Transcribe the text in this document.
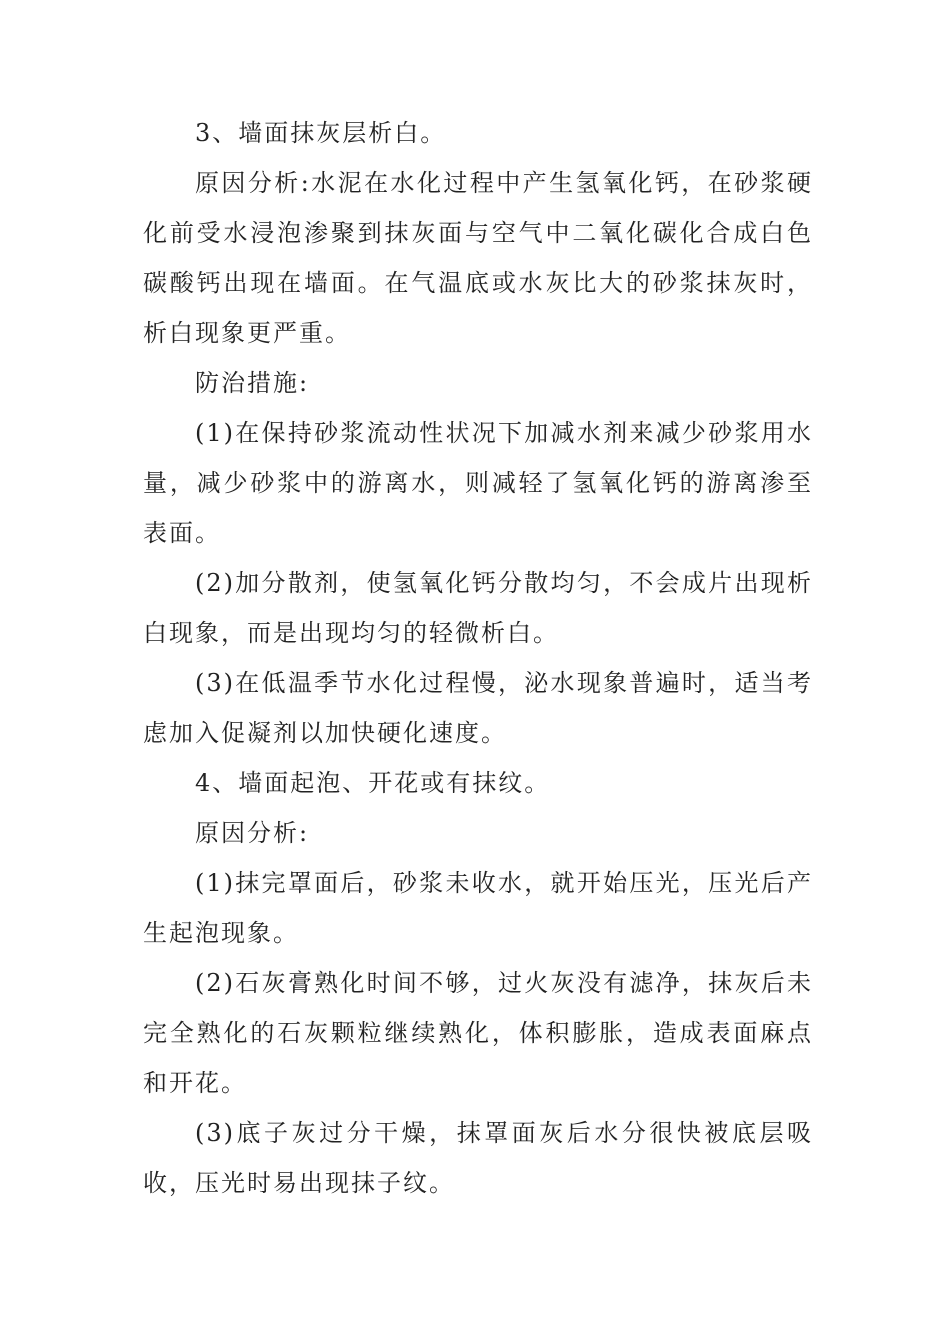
3、墙面抹灰层析白。

原因分析:水泥在水化过程中产生氢氧化钙，在砂浆硬化前受水浸泡渗聚到抹灰面与空气中二氧化碳化合成白色碳酸钙出现在墙面。在气温底或水灰比大的砂浆抹灰时，析白现象更严重。

防治措施:

(1)在保持砂浆流动性状况下加减水剂来减少砂浆用水量，减少砂浆中的游离水，则减轻了氢氧化钙的游离渗至表面。

(2)加分散剂，使氢氧化钙分散均匀，不会成片出现析白现象，而是出现均匀的轻微析白。

(3)在低温季节水化过程慢，泌水现象普遍时，适当考虑加入促凝剂以加快硬化速度。

4、墙面起泡、开花或有抹纹。

原因分析:

(1)抹完罩面后，砂浆未收水，就开始压光，压光后产生起泡现象。

(2)石灰膏熟化时间不够，过火灰没有滤净，抹灰后未完全熟化的石灰颗粒继续熟化，体积膨胀，造成表面麻点和开花。

(3)底子灰过分干燥，抹罩面灰后水分很快被底层吸收，压光时易出现抹子纹。
